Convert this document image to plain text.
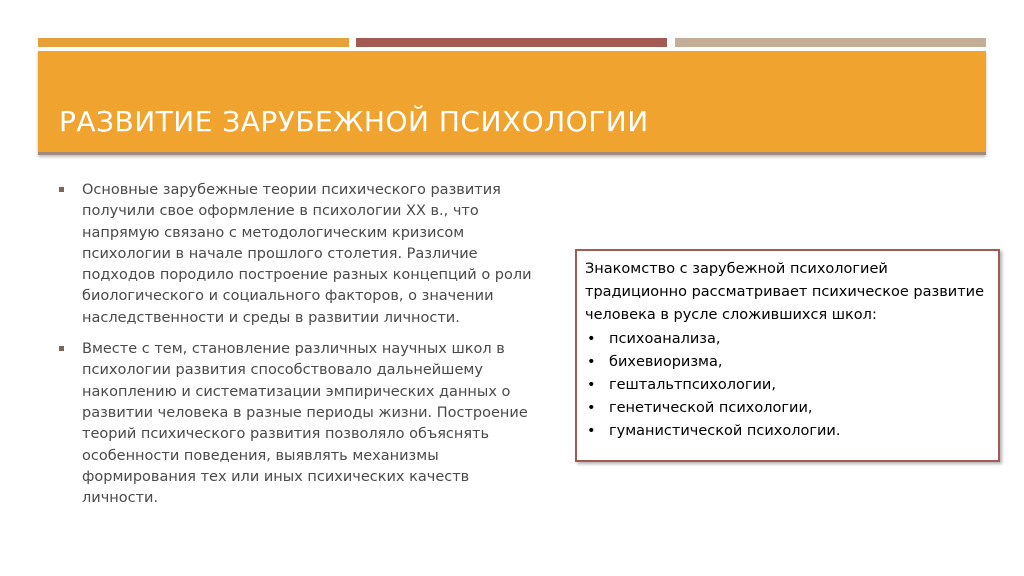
РАЗВИТИЕ ЗАРУБЕЖНОЙ ПСИХОЛОГИИ
Основные зарубежные теории психического развития получили свое оформление в психологии XX в., что напрямую связано с методологическим кризисом психологии в начале прошлого столетия. Различие подходов породило построение разных концепций о роли биологического и социального факторов, о значении наследственности и среды в развитии личности.
Вместе с тем, становление различных научных школ в психологии развития способствовало дальнейшему накоплению и систематизации эмпирических данных о развитии человека в разные периоды жизни. Построение теорий психического развития позволяло объяснять особенности поведения, выявлять механизмы формирования тех или иных психических качеств личности.
Знакомство с зарубежной психологией традиционно рассматривает психическое развитие человека в русле сложившихся школ:
• психоанализа,
• бихевиоризма,
• гештальтпсихологии,
• генетической психологии,
• гуманистической психологии.
